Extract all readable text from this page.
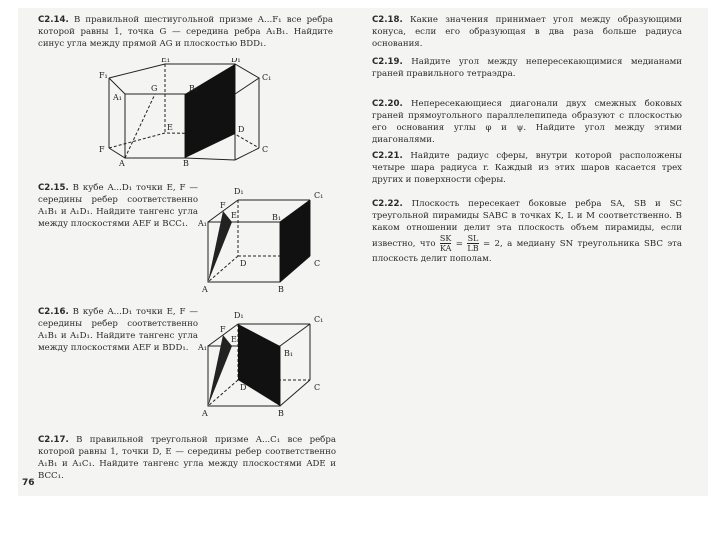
С2.14. В правильной шестиугольной призме A...F₁ все ребра которой равны 1, точка G — середина ребра A₁B₁. Найдите синус угла между прямой AG и плоскостью BDD₁.
F₁
E₁	D₁
C₁
A₁
G	B₁
F
E	D
C
A	B
С2.15. В кубе A...D₁ точки E, F — середины ребер соответственно A₁B₁ и A₁D₁. Найдите тангенс угла между плоскостями AEF и BCC₁.
D₁	C₁
F
E
A₁
B₁
D	C
A	B
С2.16. В кубе A...D₁ точки E, F — середины ребер соответственно A₁B₁ и A₁D₁. Найдите тангенс угла между плоскостями AEF и BDD₁.
D₁	C₁
F
E
A₁
B₁
D	C
A	B
С2.17. В правильной треугольной призме A...C₁ все ребра которой равны 1, точки D, E — середины ребер соответственно A₁B₁ и A₁C₁. Найдите тангенс угла между плоскостями ADE и BCC₁.
76
С2.18. Какие значения принимает угол между образующими конуса, если его образующая в два раза больше радиуса основания.
С2.19. Найдите угол между непересекающимися медианами граней правильного тетраэдра.
С2.20. Непересекающиеся диагонали двух смежных боковых граней прямоугольного параллелепипеда образуют с плоскостью его основания углы φ и ψ. Найдите угол между этими диагоналями.
С2.21. Найдите радиус сферы, внутри которой расположены четыре шара радиуса r. Каждый из этих шаров касается трех других и поверхности сферы.
С2.22. Плоскость пересекает боковые ребра SA, SB и SC треугольной пирамиды SABC в точках K, L и M соответственно. В каком отношении делит эта плоскость объем пирамиды, если известно, что $\frac{SK}{KA} = \frac{SL}{LB} = 2$, а медиану SN треугольника SBC эта плоскость делит пополам.
